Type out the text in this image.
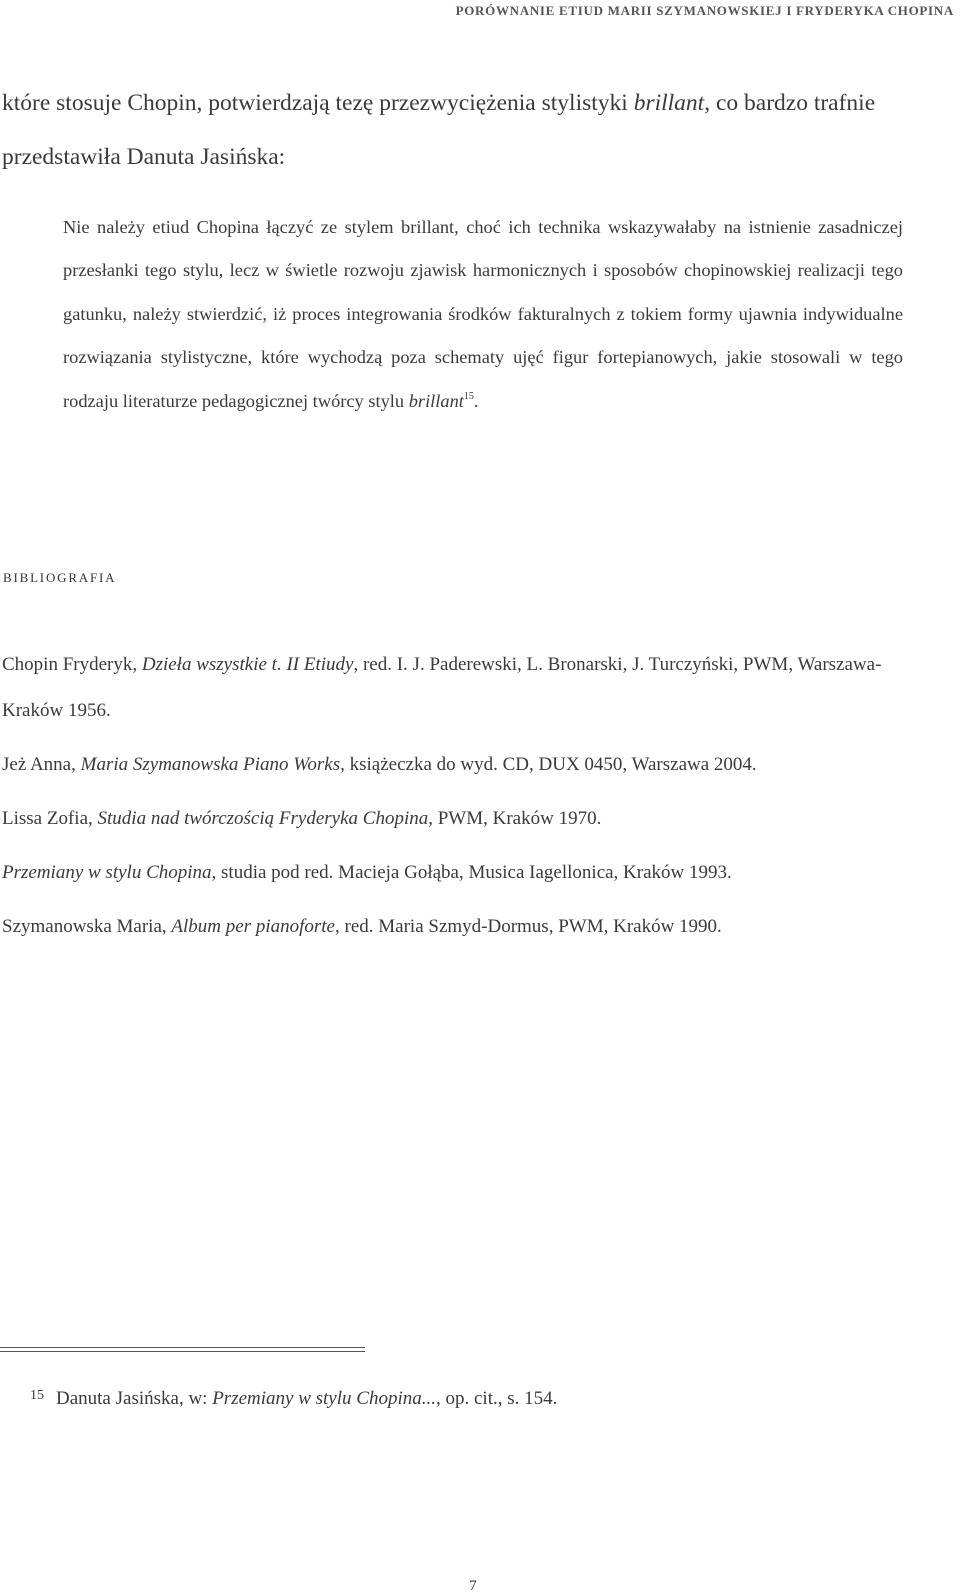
PORÓWNANIE ETIUD MARII SZYMANOWSKIEJ I FRYDERYKA CHOPINA

które stosuje Chopin, potwierdzają tezę przezwyciężenia stylistyki brillant, co bardzo trafnie przedstawiła Danuta Jasińska:

Nie należy etiud Chopina łączyć ze stylem brillant, choć ich technika wskazywałaby na istnienie zasadniczej przesłanki tego stylu, lecz w świetle rozwoju zjawisk harmonicznych i sposobów chopinowskiej realizacji tego gatunku, należy stwierdzić, iż proces integrowania środków fakturalnych z tokiem formy ujawnia indywidualne rozwiązania stylistyczne, które wychodzą poza schematy ujęć figur fortepianowych, jakie stosowali w tego rodzaju literaturze pedagogicznej twórcy stylu brillant$^{15}$.

bibliografia
Chopin Fryderyk, Dzieła wszystkie t. II Etiudy, red. I. J. Paderewski, L. Bronarski, J. Turczyński, PWM, Warszawa-Kraków 1956.
Jeż Anna, Maria Szymanowska Piano Works, książeczka do wyd. CD, DUX 0450, Warszawa 2004.
Lissa Zofia, Studia nad twórczością Fryderyka Chopina, PWM, Kraków 1970.
Przemiany w stylu Chopina, studia pod red. Macieja Gołąba, Musica Iagellonica, Kraków 1993.
Szymanowska Maria, Album per pianoforte, red. Maria Szmyd-Dormus, PWM, Kraków 1990.

15 Danuta Jasińska, w: Przemiany w stylu Chopina..., op. cit., s. 154.

7
